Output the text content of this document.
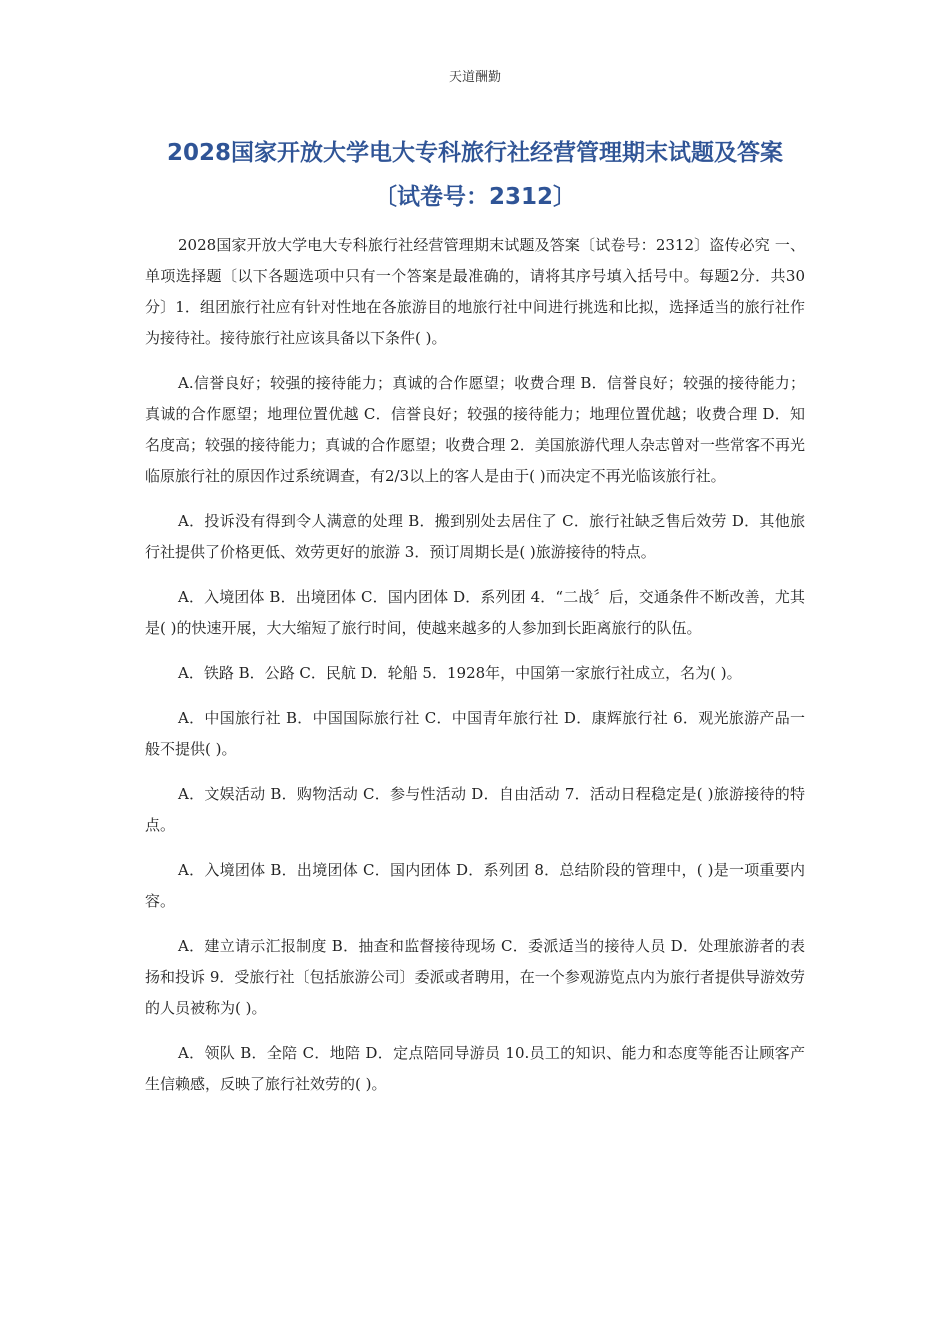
天道酬勤
2028国家开放大学电大专科旅行社经营管理期末试题及答案
〔试卷号：2312〕

2028国家开放大学电大专科旅行社经营管理期末试题及答案〔试卷号：2312〕盗传必究 一、单项选择题〔以下各题选项中只有一个答案是最准确的，请将其序号填入括号中。每题2分．共30分〕1．组团旅行社应有针对性地在各旅游目的地旅行社中间进行挑选和比拟，选择适当的旅行社作为接待社。接待旅行社应该具备以下条件( )。

A.信誉良好；较强的接待能力；真诚的合作愿望；收费合理 B．信誉良好；较强的接待能力；真诚的合作愿望；地理位置优越 C．信誉良好；较强的接待能力；地理位置优越；收费合理 D．知名度高；较强的接待能力；真诚的合作愿望；收费合理 2．美国旅游代理人杂志曾对一些常客不再光临原旅行社的原因作过系统调查，有2/3以上的客人是由于( )而决定不再光临该旅行社。

A．投诉没有得到令人满意的处理 B．搬到别处去居住了 C．旅行社缺乏售后效劳 D．其他旅行社提供了价格更低、效劳更好的旅游 3．预订周期长是( )旅游接待的特点。

A．入境团体 B．出境团体 C．国内团体 D．系列团 4．“二战〞后，交通条件不断改善，尤其是( )的快速开展，大大缩短了旅行时间，使越来越多的人参加到长距离旅行的队伍。

A．铁路 B．公路 C．民航 D．轮船 5．1928年，中国第一家旅行社成立，名为( )。

A．中国旅行社 B．中国国际旅行社 C．中国青年旅行社 D．康辉旅行社 6．观光旅游产品一般不提供( )。

A．文娱活动 B．购物活动 C．参与性活动 D．自由活动 7．活动日程稳定是( )旅游接待的特点。

A．入境团体 B．出境团体 C．国内团体 D．系列团 8．总结阶段的管理中，( )是一项重要内容。

A．建立请示汇报制度 B．抽查和监督接待现场 C．委派适当的接待人员 D．处理旅游者的表扬和投诉 9．受旅行社〔包括旅游公司〕委派或者聘用，在一个参观游览点内为旅行者提供导游效劳的人员被称为( )。

A．领队 B．全陪 C．地陪 D．定点陪同导游员 10.员工的知识、能力和态度等能否让顾客产生信赖感，反映了旅行社效劳的( )。
